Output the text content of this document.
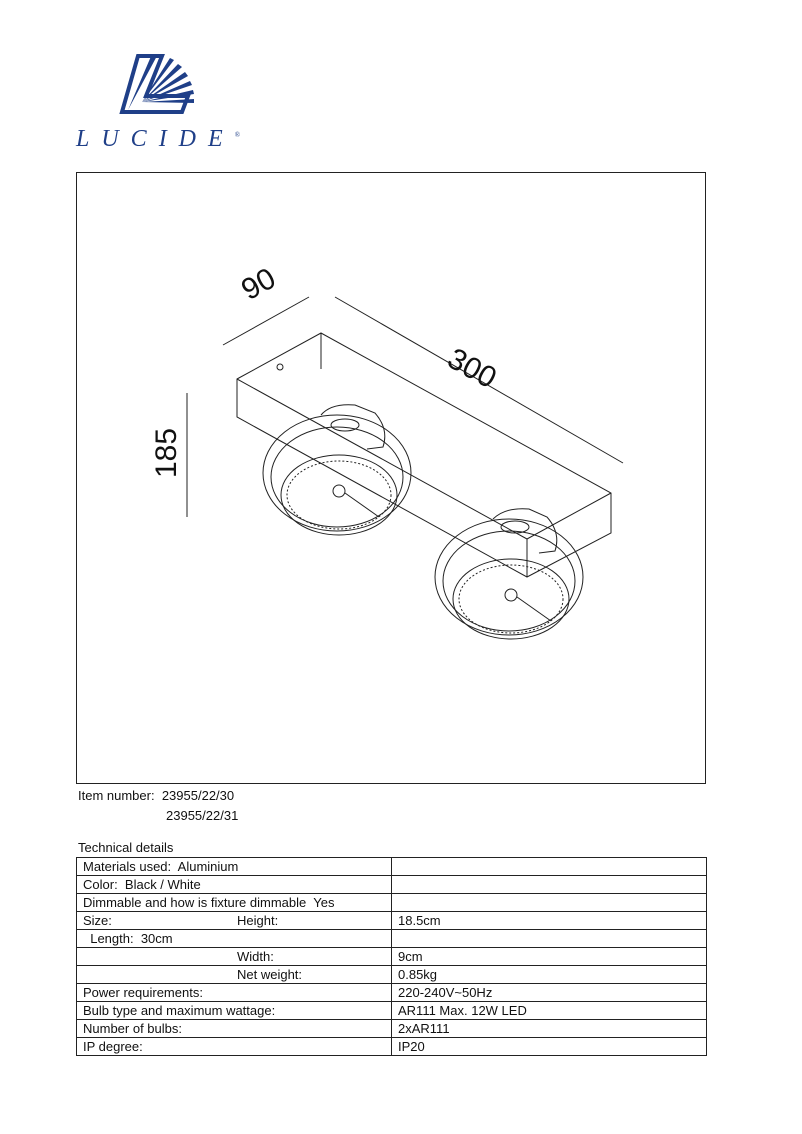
LUCIDE®
90
300
185
Item number: 23955/22/30
23955/22/31
Technical details
Materials used:  Aluminium	
Color:  Black / White	
Dimmable and how is fixture dimmable  Yes	
Size: Height:	18.5cm
Length:  30cm	
Width:	9cm
Net weight:	0.85kg
Power requirements:	220-240V~50Hz
Bulb type and maximum wattage:	AR111 Max. 12W LED
Number of bulbs:	2xAR111
IP degree:	IP20
